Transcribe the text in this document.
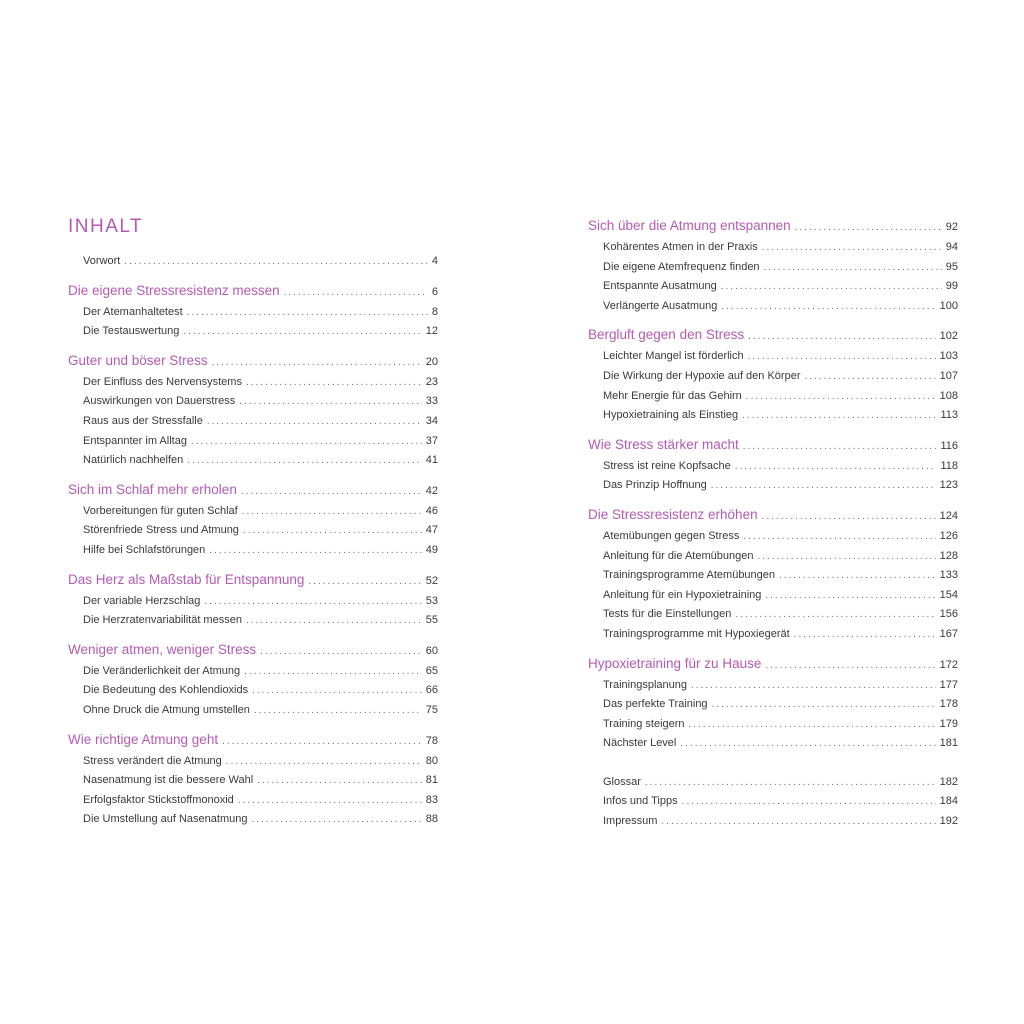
INHALT
Vorwort .....	4
Die eigene Stressresistenz messen .....	6
Der Atemanhaltetest .....	8
Die Testauswertung .....	12
Guter und böser Stress .....	20
Der Einfluss des Nervensystems .....	23
Auswirkungen von Dauerstress .....	33
Raus aus der Stressfalle .....	34
Entspannter im Alltag .....	37
Natürlich nachhelfen .....	41
Sich im Schlaf mehr erholen .....	42
Vorbereitungen für guten Schlaf .....	46
Störenfriede Stress und Atmung .....	47
Hilfe bei Schlafstörungen .....	49
Das Herz als Maßstab für Entspannung .....	52
Der variable Herzschlag .....	53
Die Herzratenvariabilität messen .....	55
Weniger atmen, weniger Stress .....	60
Die Veränderlichkeit der Atmung .....	65
Die Bedeutung des Kohlendioxids .....	66
Ohne Druck die Atmung umstellen .....	75
Wie richtige Atmung geht .....	78
Stress verändert die Atmung .....	80
Nasenatmung ist die bessere Wahl .....	81
Erfolgsfaktor Stickstoffmonoxid .....	83
Die Umstellung auf Nasenatmung .....	88
Sich über die Atmung entspannen .....	92
Kohärentes Atmen in der Praxis .....	94
Die eigene Atemfrequenz finden .....	95
Entspannte Ausatmung .....	99
Verlängerte Ausatmung .....	100
Bergluft gegen den Stress .....	102
Leichter Mangel ist förderlich .....	103
Die Wirkung der Hypoxie auf den Körper .....	107
Mehr Energie für das Gehirn .....	108
Hypoxietraining als Einstieg .....	113
Wie Stress stärker macht .....	116
Stress ist reine Kopfsache .....	118
Das Prinzip Hoffnung .....	123
Die Stressresistenz erhöhen .....	124
Atemübungen gegen Stress .....	126
Anleitung für die Atemübungen .....	128
Trainingsprogramme Atemübungen .....	133
Anleitung für ein Hypoxietraining .....	154
Tests für die Einstellungen .....	156
Trainingsprogramme mit Hypoxiegerät .....	167
Hypoxietraining für zu Hause .....	172
Trainingsplanung .....	177
Das perfekte Training .....	178
Training steigern .....	179
Nächster Level .....	181
Glossar .....	182
Infos und Tipps .....	184
Impressum .....	192
